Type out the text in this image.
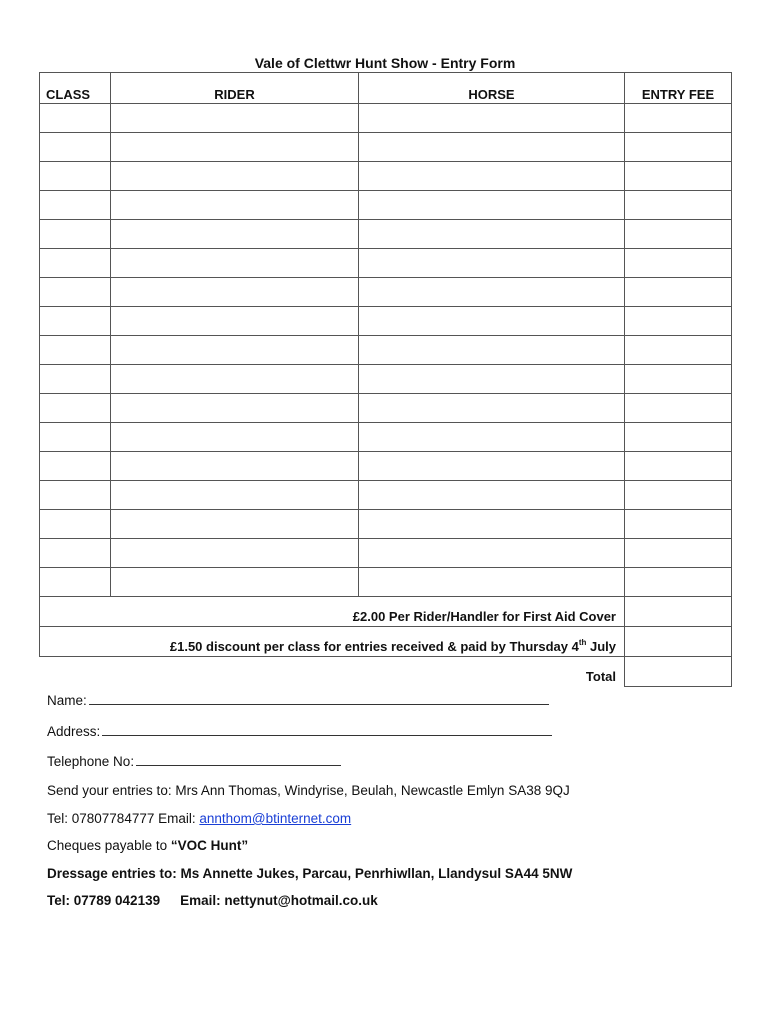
Vale of Clettwr Hunt Show - Entry Form
CLASS	RIDER	HORSE	ENTRY FEE

£2.00 Per Rider/Handler for First Aid Cover			
£1.50 discount per class for entries received & paid by Thursday 4th July			
Total			
Name:
Address:
Telephone No:
Send your entries to: Mrs Ann Thomas, Windyrise, Beulah, Newcastle Emlyn SA38 9QJ
Tel: 07807784777 Email: annthom@btinternet.com
Cheques payable to “VOC Hunt”
Dressage entries to: Ms Annette Jukes, Parcau, Penrhiwllan, Llandysul SA44 5NW
Tel: 07789 042139 Email: nettynut@hotmail.co.uk
